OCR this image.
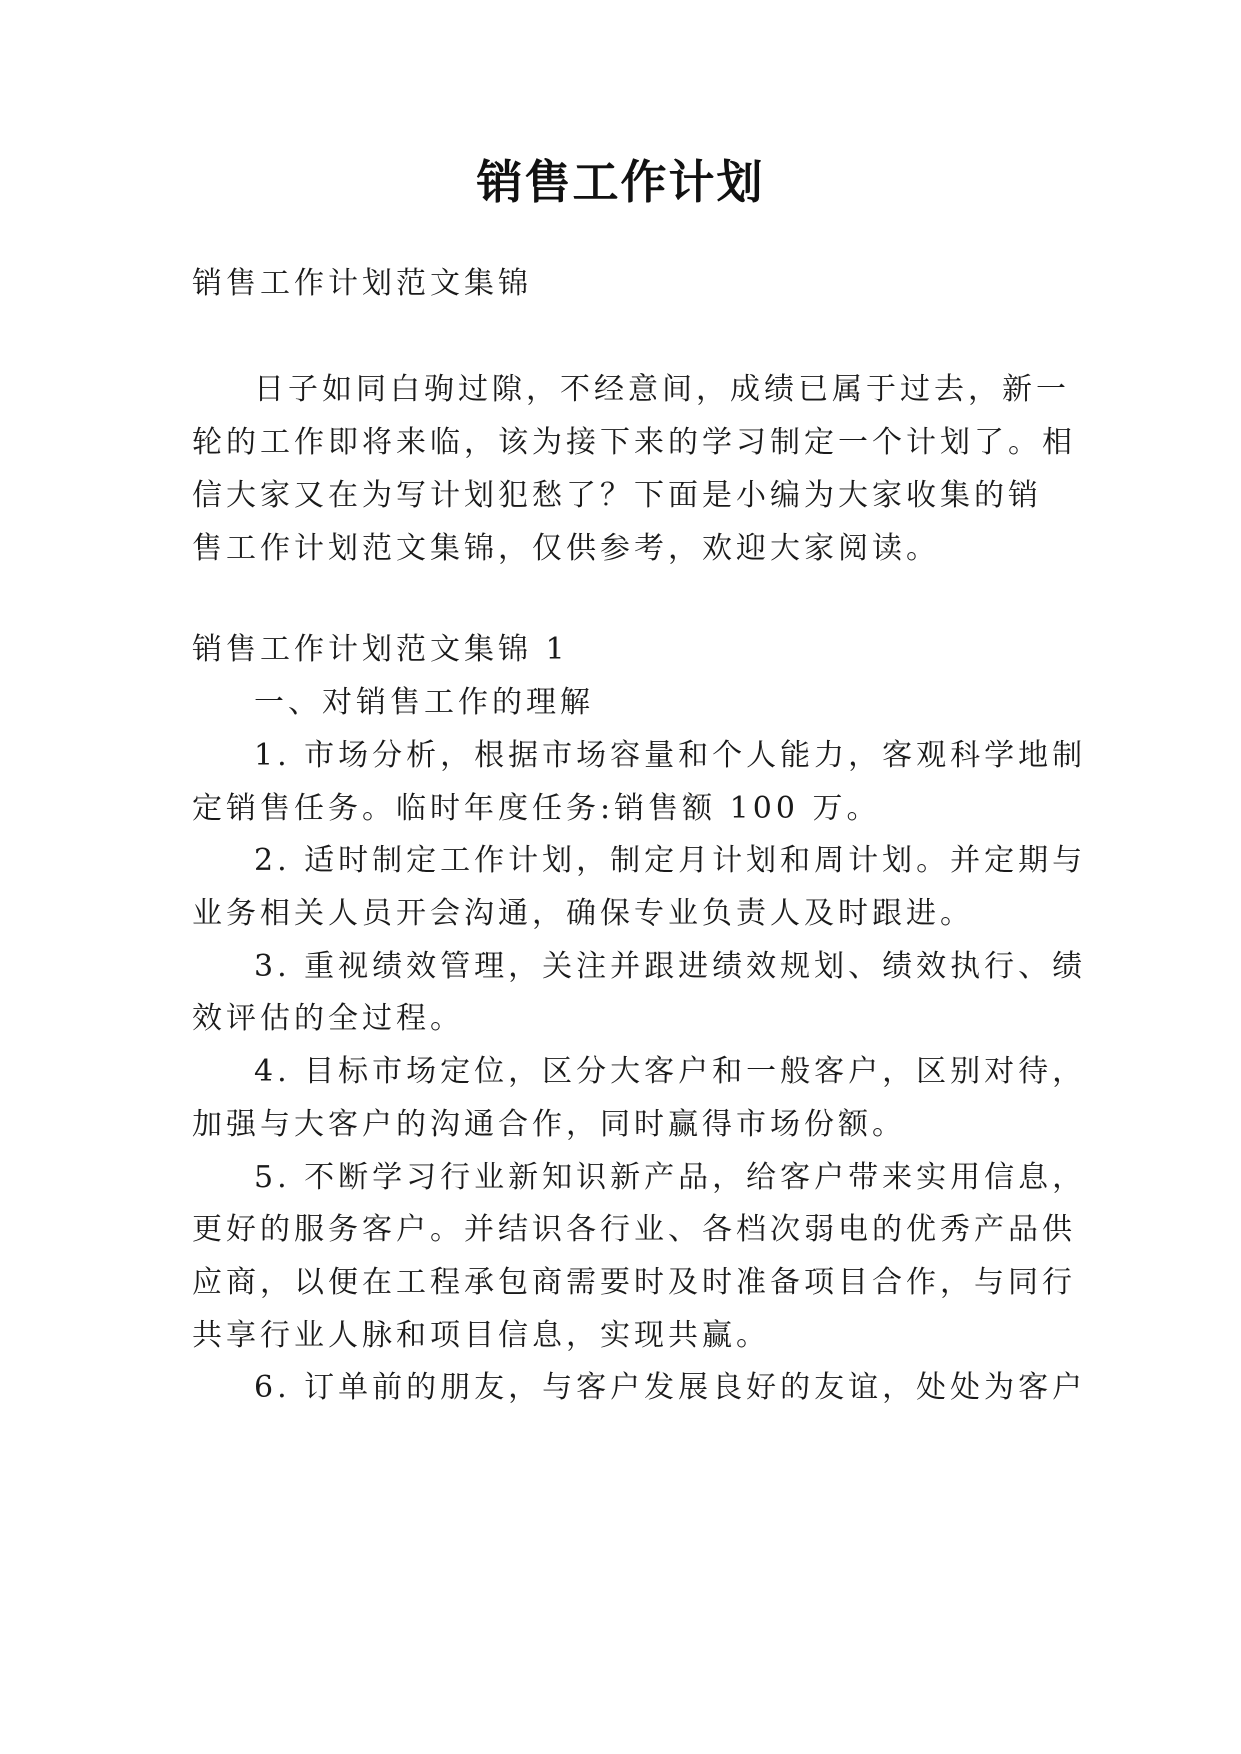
销售工作计划
销售工作计划范文集锦
日子如同白驹过隙，不经意间，成绩已属于过去，新一
轮的工作即将来临，该为接下来的学习制定一个计划了。相
信大家又在为写计划犯愁了？下面是小编为大家收集的销
售工作计划范文集锦，仅供参考，欢迎大家阅读。
销售工作计划范文集锦 1
一、对销售工作的理解
1. 市场分析，根据市场容量和个人能力，客观科学地制
定销售任务。临时年度任务:销售额 100 万。
2. 适时制定工作计划，制定月计划和周计划。并定期与
业务相关人员开会沟通，确保专业负责人及时跟进。
3. 重视绩效管理，关注并跟进绩效规划、绩效执行、绩
效评估的全过程。
4. 目标市场定位，区分大客户和一般客户，区别对待，
加强与大客户的沟通合作，同时赢得市场份额。
5. 不断学习行业新知识新产品，给客户带来实用信息，
更好的服务客户。并结识各行业、各档次弱电的优秀产品供
应商，以便在工程承包商需要时及时准备项目合作，与同行
共享行业人脉和项目信息，实现共赢。
6. 订单前的朋友，与客户发展良好的友谊，处处为客户
